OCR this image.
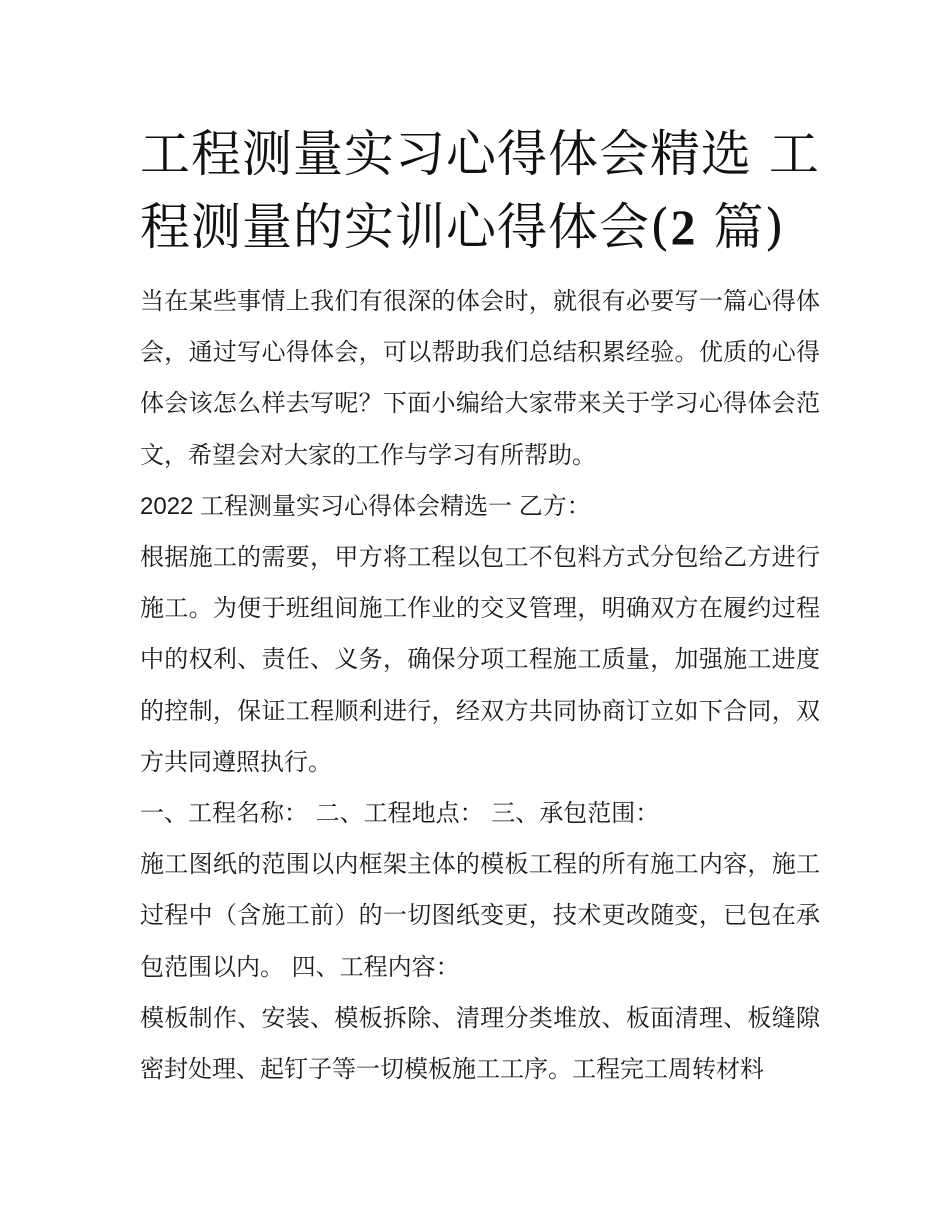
工程测量实习心得体会精选 工
程测量的实训心得体会(2 篇)

当在某些事情上我们有很深的体会时，就很有必要写一篇心得体会，通过写心得体会，可以帮助我们总结积累经验。优质的心得体会该怎么样去写呢？下面小编给大家带来关于学习心得体会范文，希望会对大家的工作与学习有所帮助。

2022 工程测量实习心得体会精选一 乙方：

根据施工的需要，甲方将工程以包工不包料方式分包给乙方进行施工。为便于班组间施工作业的交叉管理，明确双方在履约过程中的权利、责任、义务，确保分项工程施工质量，加强施工进度的控制，保证工程顺利进行，经双方共同协商订立如下合同，双方共同遵照执行。

一、工程名称： 二、工程地点： 三、承包范围：

施工图纸的范围以内框架主体的模板工程的所有施工内容，施工过程中（含施工前）的一切图纸变更，技术更改随变，已包在承包范围以内。 四、工程内容：

模板制作、安装、模板拆除、清理分类堆放、板面清理、板缝隙密封处理、起钉子等一切模板施工工序。工程完工周转材料
